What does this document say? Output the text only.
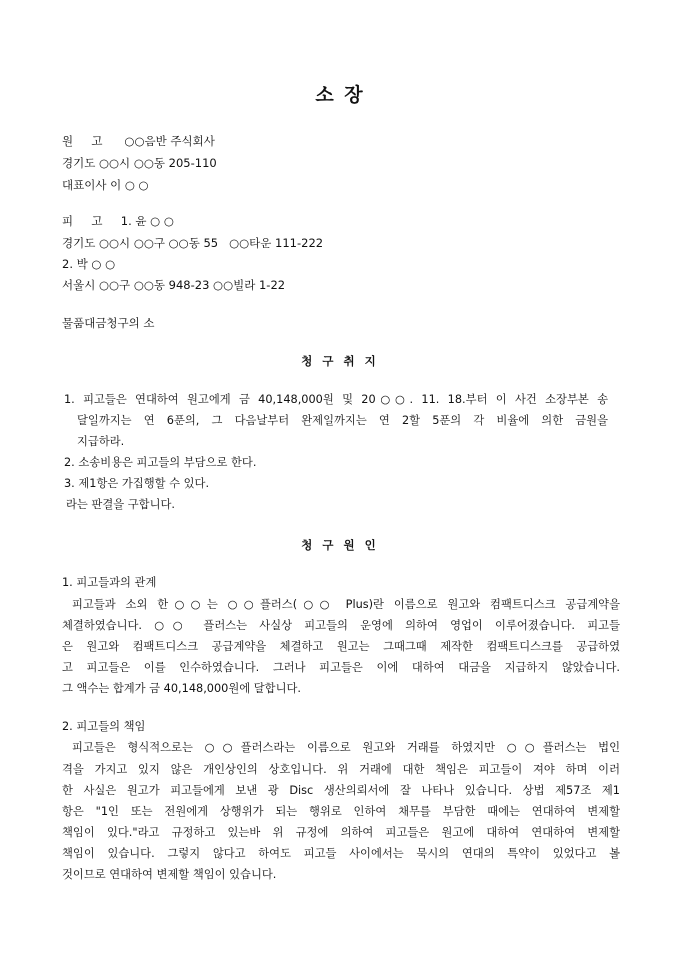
소 장
원     고      ○○음반 주식회사
경기도 ○○시 ○○동 205-110
대표이사 이 ○ ○
피     고     1. 윤 ○ ○
경기도 ○○시 ○○구 ○○동 55   ○○타운 111-222
2. 박 ○ ○
서울시 ○○구 ○○동 948-23 ○○빌라 1-22
물품대금청구의 소
청 구 취 지
1. 피고들은 연대하여 원고에게 금 40,148,000원 및 20○○. 11. 18.부터 이 사건 소장부본 송
달일까지는 연 6푼의, 그 다음날부터 완제일까지는 연 2할 5푼의 각 비율에 의한 금원을
지급하라.
2. 소송비용은 피고들의 부담으로 한다.
3. 제1항은 가집행할 수 있다.
라는 판결을 구합니다.
청 구 원 인
1. 피고들과의 관계
피고들과 소외 한○○는 ○○플러스(○○ Plus)란 이름으로 원고와 컴팩트디스크 공급계약을
체결하였습니다. ○○ 플러스는 사실상 피고들의 운영에 의하여 영업이 이루어졌습니다. 피고들
은 원고와 컴팩트디스크 공급계약을 체결하고 원고는 그때그때 제작한 컴팩트디스크를 공급하였
고 피고들은 이를 인수하였습니다. 그러나 피고들은 이에 대하여 대금을 지급하지 않았습니다.
그 액수는 합계가 금 40,148,000원에 달합니다.
2. 피고들의 책임
피고들은 형식적으로는 ○○플러스라는 이름으로 원고와 거래를 하였지만 ○○플러스는 법인
격을 가지고 있지 않은 개인상인의 상호입니다. 위 거래에 대한 책임은 피고들이 져야 하며 이러
한 사실은 원고가 피고들에게 보낸 광 Disc 생산의뢰서에 잘 나타나 있습니다. 상법 제57조 제1
항은 "1인 또는 전원에게 상행위가 되는 행위로 인하여 채무를 부담한 때에는 연대하여 변제할
책임이 있다."라고 규정하고 있는바 위 규정에 의하여 피고들은 원고에 대하여 연대하여 변제할
책임이 있습니다. 그렇지 않다고 하여도 피고들 사이에서는 묵시의 연대의 특약이 있었다고 볼
것이므로 연대하여 변제할 책임이 있습니다.
